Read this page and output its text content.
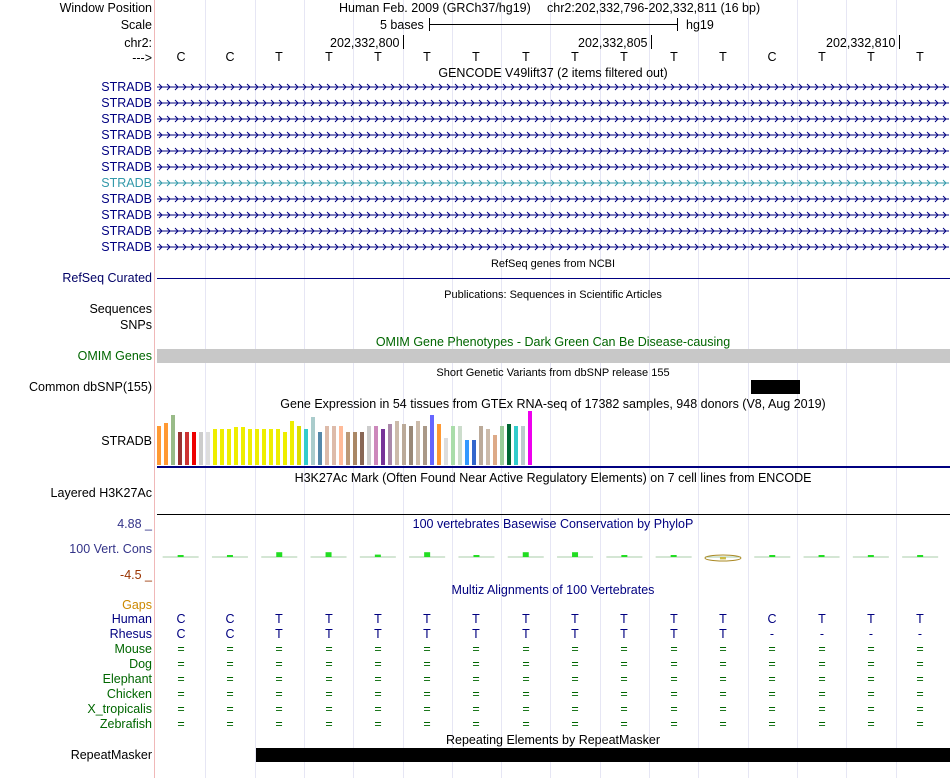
Window Position
Scale
chr2:
--->
Human Feb. 2009 (GRCh37/hg19) chr2:202,332,796-202,332,811 (16 bp)
5 bases	hg19
202,332,800	202,332,805	202,332,810
C	C	T	T	T	T	T	T	T	T	T	T	C	T	T	T
GENCODE V49lift37 (2 items filtered out)
STRADB
STRADB
STRADB
STRADB
STRADB
STRADB
STRADB
STRADB
STRADB
STRADB
STRADB
RefSeq genes from NCBI
RefSeq Curated
Publications: Sequences in Scientific Articles
Sequences
SNPs
OMIM Gene Phenotypes - Dark Green Can Be Disease-causing
OMIM Genes
Short Genetic Variants from dbSNP release 155
Common dbSNP(155)
Gene Expression in 54 tissues from GTEx RNA-seq of 17382 samples, 948 donors (V8, Aug 2019)
STRADB
H3K27Ac Mark (Often Found Near Active Regulatory Elements) on 7 cell lines from ENCODE
Layered H3K27Ac
100 vertebrates Basewise Conservation by PhyloP
4.88 _
100 Vert. Cons
-4.5 _
Multiz Alignments of 100 Vertebrates
Gaps
Human C	C	T	T	T	T	T	T	T	T	T	T	C	T	T	T
Rhesus C	C	T	T	T	T	T	T	T	T	T	T	-	-	-	-
Mouse	=	=	=	=	=	=	=	=	=	=	=	=	=	=	=	=
Dog	=	=	=	=	=	=	=	=	=	=	=	=	=	=	=	=
Elephant	=	=	=	=	=	=	=	=	=	=	=	=	=	=	=	=
Chicken	=	=	=	=	=	=	=	=	=	=	=	=	=	=	=	=
X_tropicalis	=	=	=	=	=	=	=	=	=	=	=	=	=	=	=	=
Zebrafish	=	=	=	=	=	=	=	=	=	=	=	=	=	=	=	=
Repeating Elements by RepeatMasker
RepeatMasker
